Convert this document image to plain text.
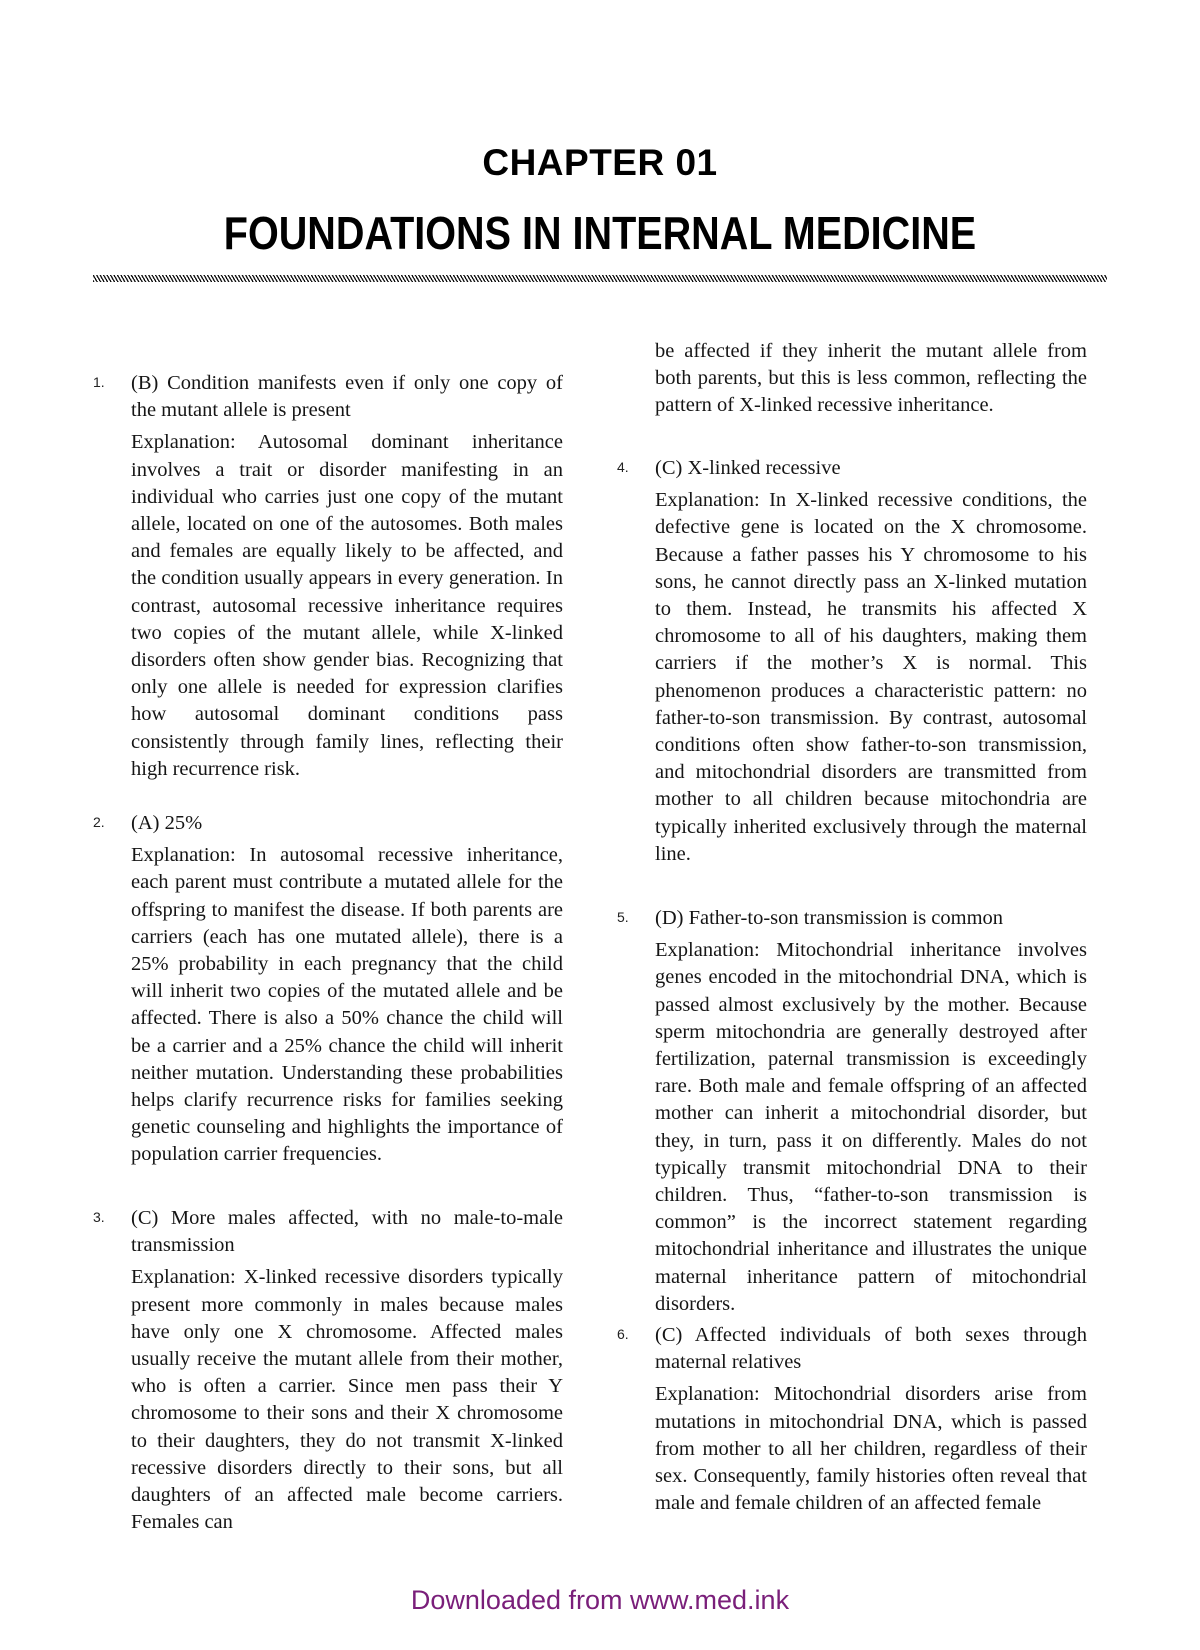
CHAPTER 01
FOUNDATIONS IN INTERNAL MEDICINE
1. (B) Condition manifests even if only one copy of the mutant allele is present
Explanation: Autosomal dominant inheritance involves a trait or disorder manifesting in an individual who carries just one copy of the mutant allele, located on one of the autosomes. Both males and females are equally likely to be affected, and the condition usually appears in every generation. In contrast, autosomal recessive inheritance requires two copies of the mutant allele, while X-linked disorders often show gender bias. Recognizing that only one allele is needed for expression clarifies how autosomal dominant conditions pass consistently through family lines, reflecting their high recurrence risk.
2. (A) 25%
Explanation: In autosomal recessive inheritance, each parent must contribute a mutated allele for the offspring to manifest the disease. If both parents are carriers (each has one mutated allele), there is a 25% probability in each pregnancy that the child will inherit two copies of the mutated allele and be affected. There is also a 50% chance the child will be a carrier and a 25% chance the child will inherit neither mutation. Understanding these probabilities helps clarify recurrence risks for families seeking genetic counseling and highlights the importance of population carrier frequencies.
3. (C) More males affected, with no male-to-male transmission
Explanation: X-linked recessive disorders typically present more commonly in males because males have only one X chromosome. Affected males usually receive the mutant allele from their mother, who is often a carrier. Since men pass their Y chromosome to their sons and their X chromosome to their daughters, they do not transmit X-linked recessive disorders directly to their sons, but all daughters of an affected male become carriers. Females can
be affected if they inherit the mutant allele from both parents, but this is less common, reflecting the pattern of X-linked recessive inheritance.
4. (C) X-linked recessive
Explanation: In X-linked recessive conditions, the defective gene is located on the X chromosome. Because a father passes his Y chromosome to his sons, he cannot directly pass an X-linked mutation to them. Instead, he transmits his affected X chromosome to all of his daughters, making them carriers if the mother’s X is normal. This phenomenon produces a characteristic pattern: no father-to-son transmission. By contrast, autosomal conditions often show father-to-son transmission, and mitochondrial disorders are transmitted from mother to all children because mitochondria are typically inherited exclusively through the maternal line.
5. (D) Father-to-son transmission is common
Explanation: Mitochondrial inheritance involves genes encoded in the mitochondrial DNA, which is passed almost exclusively by the mother. Because sperm mitochondria are generally destroyed after fertilization, paternal transmission is exceedingly rare. Both male and female offspring of an affected mother can inherit a mitochondrial disorder, but they, in turn, pass it on differently. Males do not typically transmit mitochondrial DNA to their children. Thus, “father-to-son transmission is common” is the incorrect statement regarding mitochondrial inheritance and illustrates the unique maternal inheritance pattern of mitochondrial disorders.
6. (C) Affected individuals of both sexes through maternal relatives
Explanation: Mitochondrial disorders arise from mutations in mitochondrial DNA, which is passed from mother to all her children, regardless of their sex. Consequently, family histories often reveal that male and female children of an affected female
Downloaded from www.med.ink
